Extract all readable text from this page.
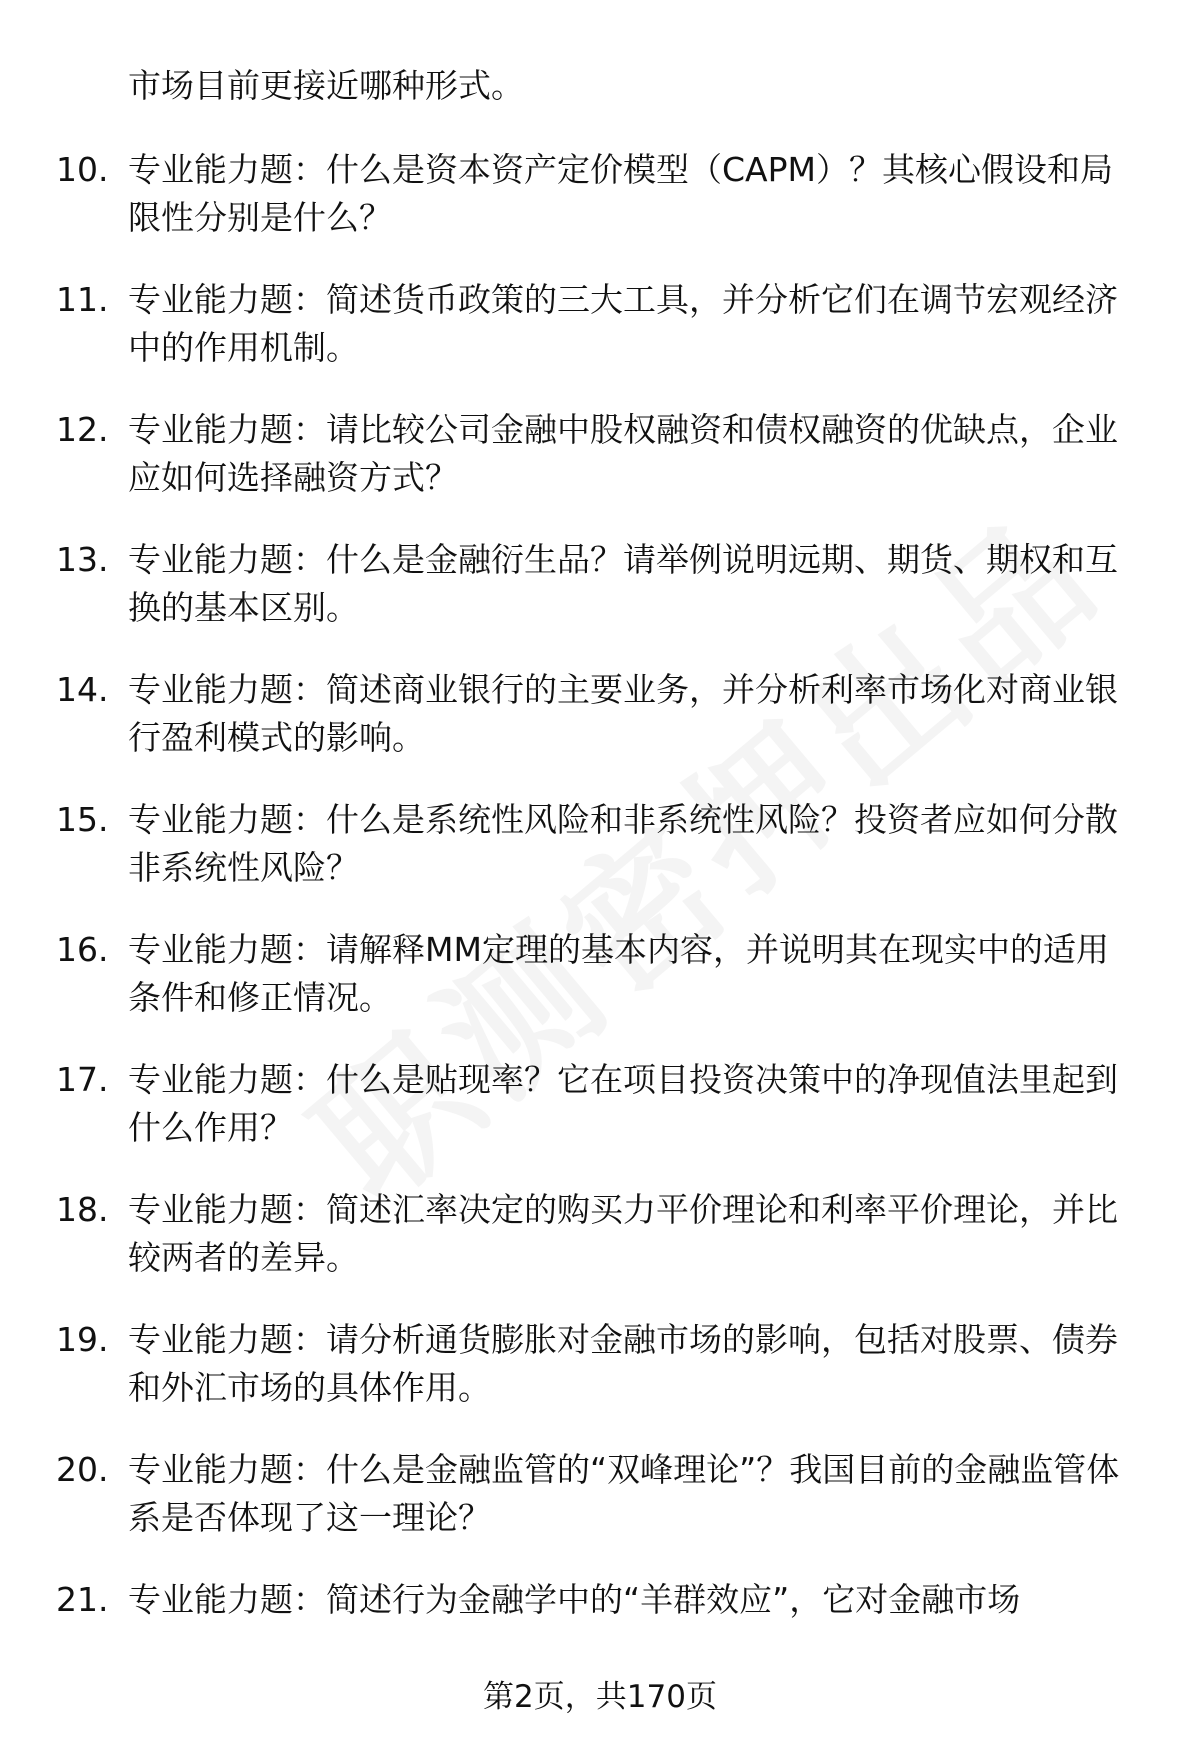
市场目前更接近哪种形式。
10. 专业能力题：什么是资本资产定价模型（CAPM）？其核心假设和局限性分别是什么？
11. 专业能力题：简述货币政策的三大工具，并分析它们在调节宏观经济中的作用机制。
12. 专业能力题：请比较公司金融中股权融资和债权融资的优缺点，企业应如何选择融资方式？
13. 专业能力题：什么是金融衍生品？请举例说明远期、期货、期权和互换的基本区别。
14. 专业能力题：简述商业银行的主要业务，并分析利率市场化对商业银行盈利模式的影响。
15. 专业能力题：什么是系统性风险和非系统性风险？投资者应如何分散非系统性风险？
16. 专业能力题：请解释MM定理的基本内容，并说明其在现实中的适用条件和修正情况。
17. 专业能力题：什么是贴现率？它在项目投资决策中的净现值法里起到什么作用？
18. 专业能力题：简述汇率决定的购买力平价理论和利率平价理论，并比较两者的差异。
19. 专业能力题：请分析通货膨胀对金融市场的影响，包括对股票、债券和外汇市场的具体作用。
20. 专业能力题：什么是金融监管的“双峰理论”？我国目前的金融监管体系是否体现了这一理论？
21. 专业能力题：简述行为金融学中的“羊群效应”，它对金融市场
第2页，共170页
